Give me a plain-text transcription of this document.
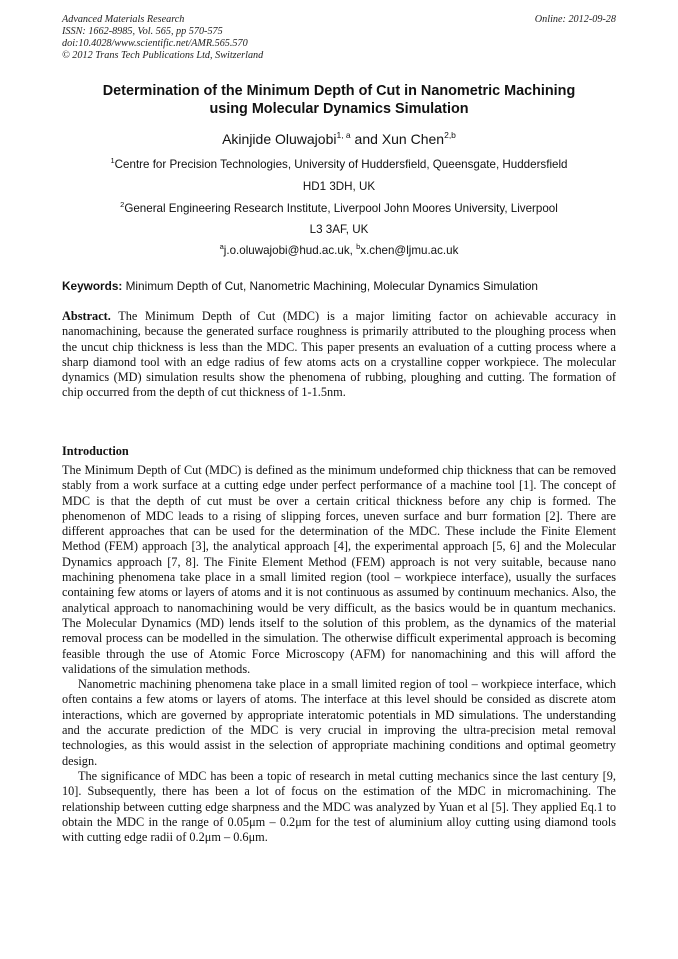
Advanced Materials Research
ISSN: 1662-8985, Vol. 565, pp 570-575
doi:10.4028/www.scientific.net/AMR.565.570
© 2012 Trans Tech Publications Ltd, Switzerland
Online: 2012-09-28
Determination of the Minimum Depth of Cut in Nanometric Machining
using Molecular Dynamics Simulation
Akinjide Oluwajobi$^{1, a}$ and Xun Chen$^{2,b}$
$^1$Centre for Precision Technologies, University of Huddersfield, Queensgate, Huddersfield
HD1 3DH, UK
$^2$General Engineering Research Institute, Liverpool John Moores University, Liverpool
L3 3AF, UK
$^a$j.o.oluwajobi@hud.ac.uk, $^b$x.chen@ljmu.ac.uk
Keywords: Minimum Depth of Cut, Nanometric Machining, Molecular Dynamics Simulation

Abstract. The Minimum Depth of Cut (MDC) is a major limiting factor on achievable accuracy in nanomachining, because the generated surface roughness is primarily attributed to the ploughing process when the uncut chip thickness is less than the MDC. This paper presents an evaluation of a cutting process where a sharp diamond tool with an edge radius of few atoms acts on a crystalline copper workpiece. The molecular dynamics (MD) simulation results show the phenomena of rubbing, ploughing and cutting. The formation of chip occurred from the depth of cut thickness of 1-1.5nm.

Introduction

The Minimum Depth of Cut (MDC) is defined as the minimum undeformed chip thickness that can be removed stably from a work surface at a cutting edge under perfect performance of a machine tool [1]. The concept of MDC is that the depth of cut must be over a certain critical thickness before any chip is formed. The phenomenon of MDC leads to a rising of slipping forces, uneven surface and burr formation [2]. There are different approaches that can be used for the determination of the MDC. These include the Finite Element Method (FEM) approach [3], the analytical approach [4], the experimental approach [5, 6] and the Molecular Dynamics approach [7, 8]. The Finite Element Method (FEM) approach is not very suitable, because nano machining phenomena take place in a small limited region (tool – workpiece interface), usually the surfaces containing few atoms or layers of atoms and it is not continuous as assumed by continuum mechanics. Also, the analytical approach to nanomachining would be very difficult, as the basics would be in quantum mechanics. The Molecular Dynamics (MD) lends itself to the solution of this problem, as the dynamics of the material removal process can be modelled in the simulation. The otherwise difficult experimental approach is becoming feasible through the use of Atomic Force Microscopy (AFM) for nanomachining and this will afford the validations of the simulation methods.

Nanometric machining phenomena take place in a small limited region of tool – workpiece interface, which often contains a few atoms or layers of atoms. The interface at this level should be consided as discrete atom interactions, which are governed by appropriate interatomic potentials in MD simulations. The understanding and the accurate prediction of the MDC is very crucial in improving the ultra-precision metal removal technologies, as this would assist in the selection of appropriate machining conditions and optimal geometry design.

The significance of MDC has been a topic of research in metal cutting mechanics since the last century [9, 10]. Subsequently, there has been a lot of focus on the estimation of the MDC in micromachining. The relationship between cutting edge sharpness and the MDC was analyzed by Yuan et al [5]. They applied Eq.1 to obtain the MDC in the range of 0.05μm – 0.2μm for the test of aluminium alloy cutting using diamond tools with cutting edge radii of 0.2μm – 0.6μm.
